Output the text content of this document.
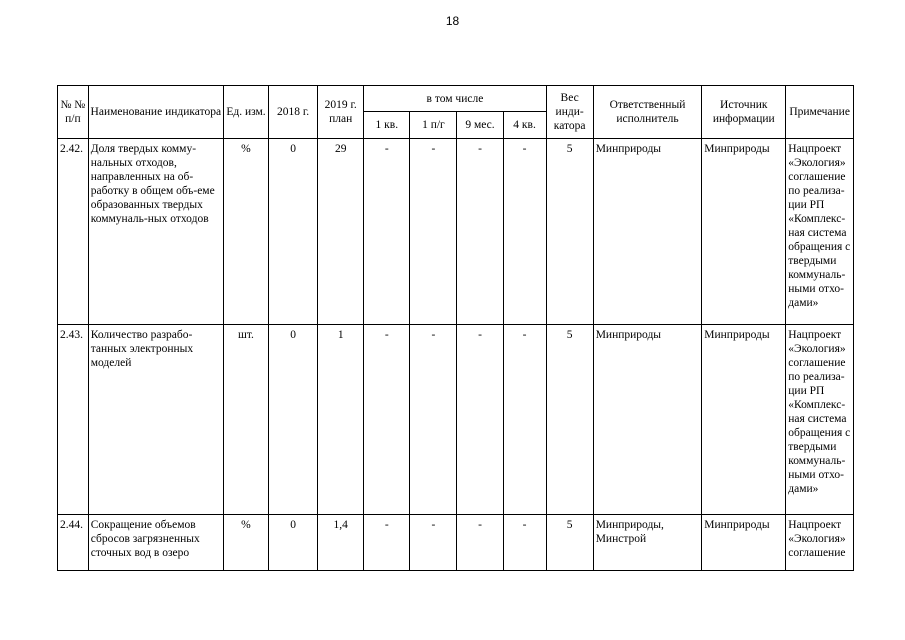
18
№ № п/п	Наименование индикатора	Ед. изм.	2018 г.	2019 г. план	в том числе				Вес инди-катора	Ответственный исполнитель	Источник информации	Примечание
					1 кв.	1 п/г	9 мес.	4 кв.				
2.42.	Доля твердых комму-нальных отходов, направленных на об-работку в общем объ-еме образованных твердых коммуналь-ных отходов	%	0	29	-	-	-	-	5	Минприроды	Минприроды	Нацпроект «Экология» соглашение по реализа-ции РП «Комплекс-ная система обращения с твердыми коммуналь-ными отхо-дами»
2.43.	Количество разрабо-танных электронных моделей	шт.	0	1	-	-	-	-	5	Минприроды	Минприроды	Нацпроект «Экология» соглашение по реализа-ции РП «Комплекс-ная система обращения с твердыми коммуналь-ными отхо-дами»
2.44.	Сокращение объемов сбросов загрязненных сточных вод в озеро	%	0	1,4	-	-	-	-	5	Минприроды, Минстрой	Минприроды	Нацпроект «Экология» соглашение
